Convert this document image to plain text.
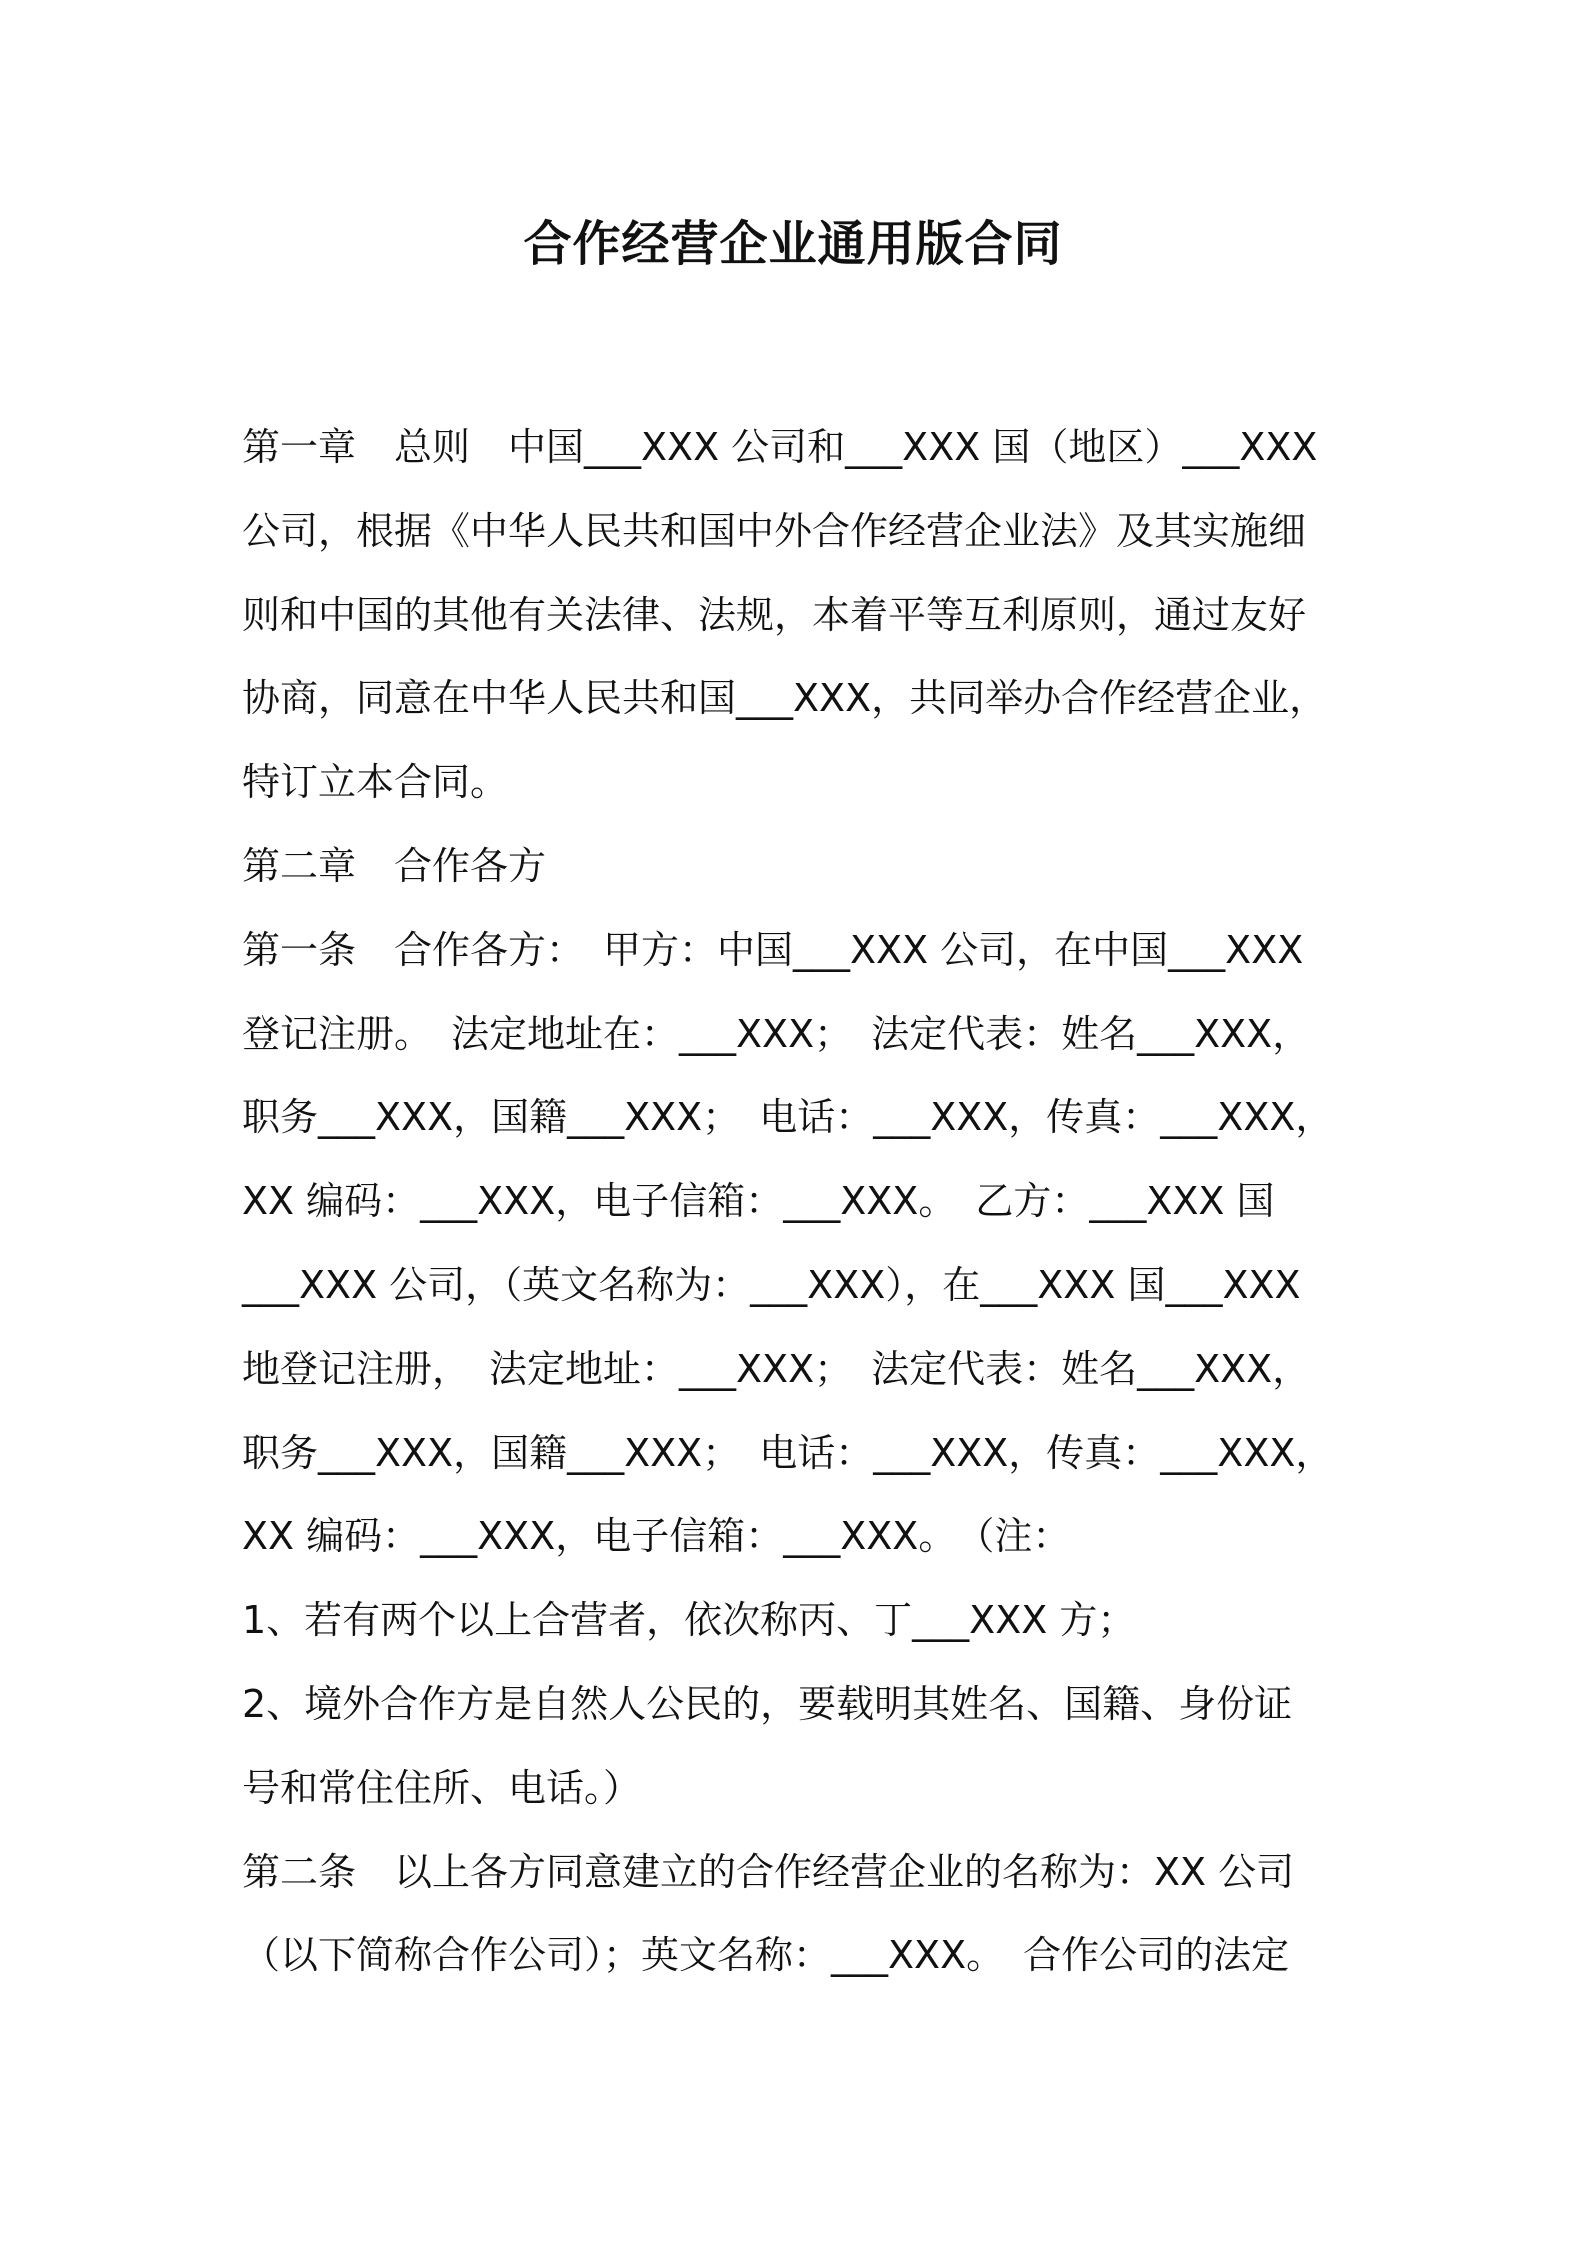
合作经营企业通用版合同
第一章　总则　中国___XXX 公司和___XXX 国（地区）___XXX
公司，根据《中华人民共和国中外合作经营企业法》及其实施细
则和中国的其他有关法律、法规，本着平等互利原则，通过友好
协商，同意在中华人民共和国___XXX，共同举办合作经营企业，
特订立本合同。
第二章　合作各方
第一条　合作各方：　甲方：中国___XXX 公司，在中国___XXX
登记注册。　法定地址在：___XXX；　法定代表：姓名___XXX，
职务___XXX，国籍___XXX；　电话：___XXX，传真：___XXX，
XX 编码：___XXX，电子信箱：___XXX。　乙方：___XXX 国
___XXX 公司，（英文名称为：___XXX），在___XXX 国___XXX
地登记注册，　法定地址：___XXX；　法定代表：姓名___XXX，
职务___XXX，国籍___XXX；　电话：___XXX，传真：___XXX，
XX 编码：___XXX，电子信箱：___XXX。　（注：
1、若有两个以上合营者，依次称丙、丁___XXX 方；
2、境外合作方是自然人公民的，要载明其姓名、国籍、身份证
号和常住住所、电话。）
第二条　以上各方同意建立的合作经营企业的名称为：XX 公司
（以下简称合作公司）；英文名称：___XXX。　合作公司的法定
